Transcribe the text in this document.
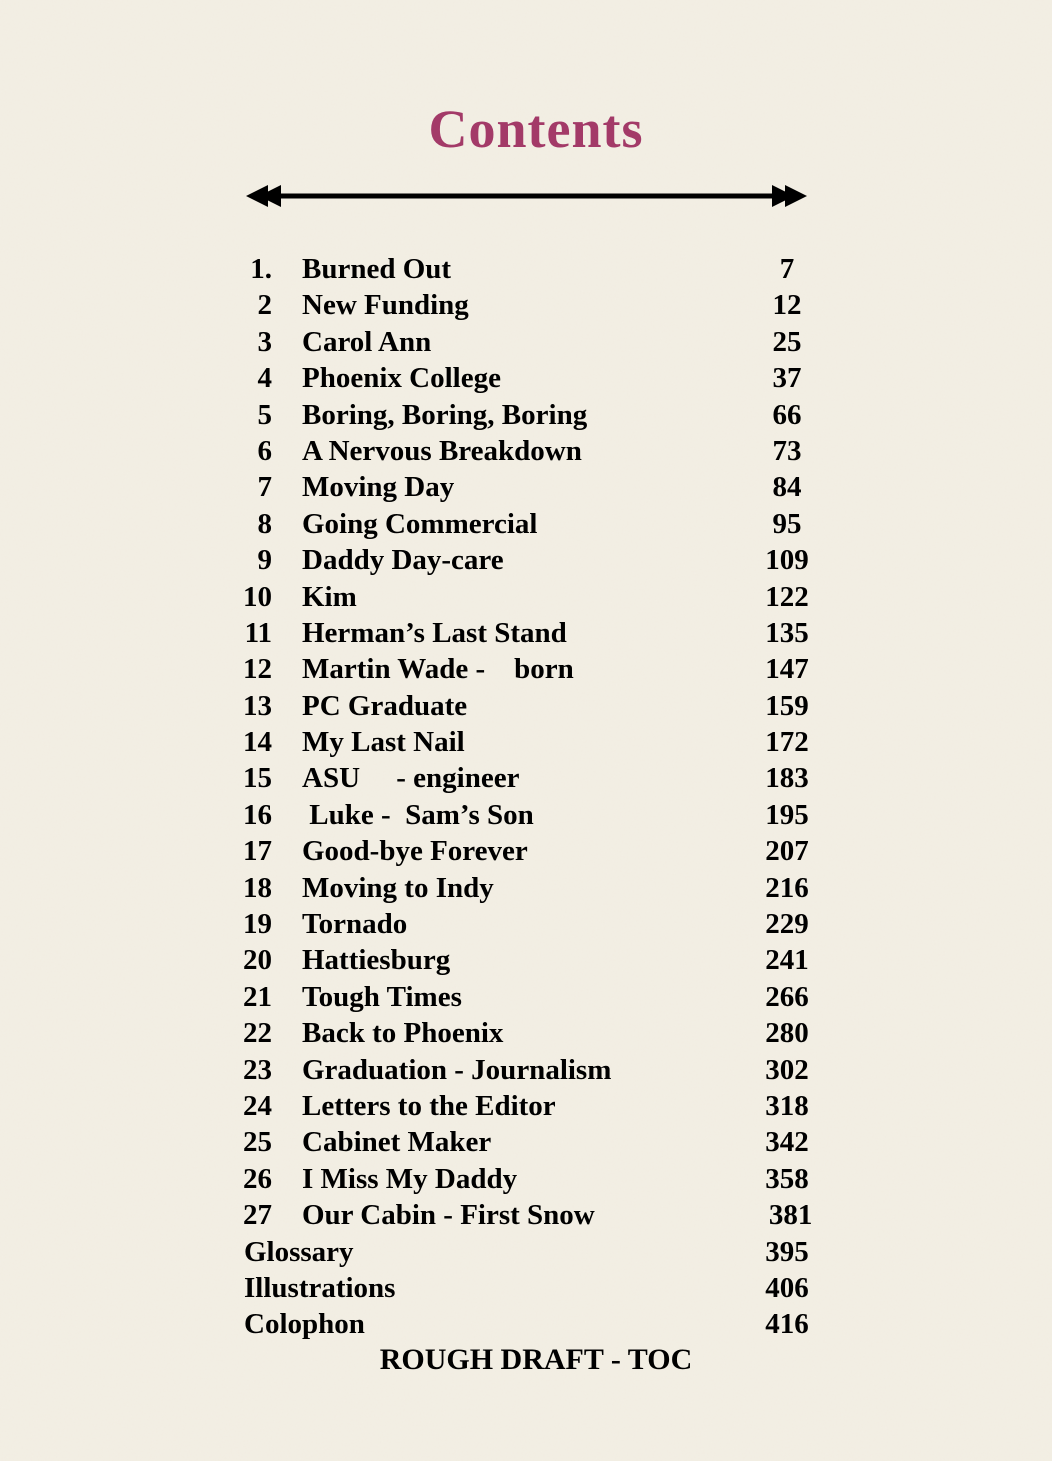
Contents
1.	Burned Out	7
2	New Funding	12
3	Carol Ann	25
4	Phoenix College	37
5	Boring, Boring, Boring	66
6	A Nervous Breakdown	73
7	Moving Day	84
8	Going Commercial	95
9	Daddy Day-care	109
10	Kim	122
11	Herman’s Last Stand	135
12	Martin Wade -    born	147
13	PC Graduate	159
14	My Last Nail	172
15	ASU     - engineer	183
16	Luke -  Sam’s Son	195
17	Good-bye Forever	207
18	Moving to Indy	216
19	Tornado	229
20	Hattiesburg	241
21	Tough Times	266
22	Back to Phoenix	280
23	Graduation - Journalism	302
24	Letters to the Editor	318
25	Cabinet Maker	342
26	I Miss My Daddy	358
27	Our Cabin - First Snow	381
Glossary	395
Illustrations	406
Colophon	416
ROUGH DRAFT - TOC
